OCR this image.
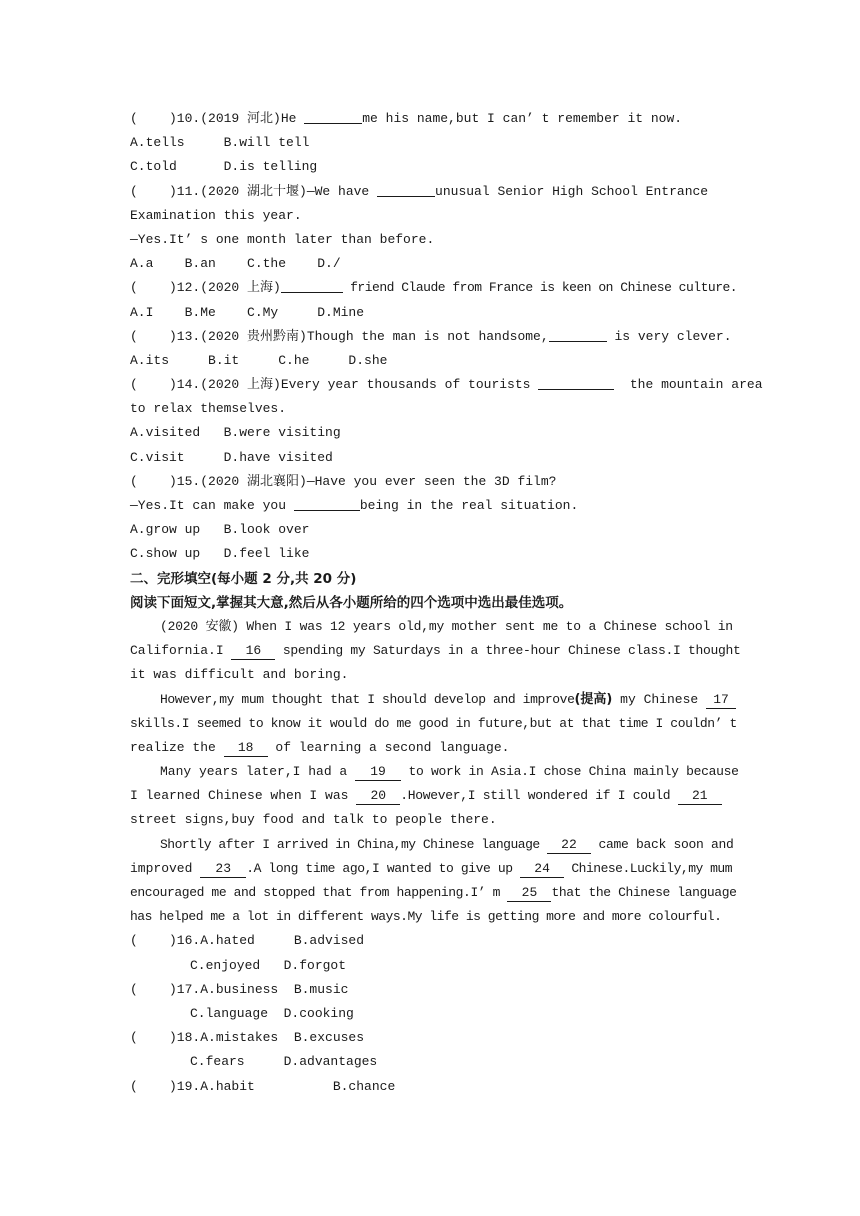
(    )10.(2019 河北)He	me his name,but I can’ t remember it now.
A.tells     B.will tell
C.told      D.is telling
(    )11.(2020 湖北十堰)—We have	unusual Senior High School Entrance
Examination this year.
—Yes.It’ s one month later than before.
A.a    B.an    C.the    D./
(    )12.(2020 上海)	friend Claude from France is keen on Chinese culture.
A.I    B.Me    C.My     D.Mine
(    )13.(2020 贵州黔南)Though the man is not handsome,	is very clever.
A.its     B.it     C.he     D.she
(    )14.(2020 上海)Every year thousands of tourists	the mountain area
to relax themselves.
A.visited   B.were visiting
C.visit     D.have visited
(    )15.(2020 湖北襄阳)—Have you ever seen the 3D film?
—Yes.It can make you	being in the real situation.
A.grow up   B.look over
C.show up   D.feel like
二、完形填空(每小题 2 分,共 20 分)
阅读下面短文,掌握其大意,然后从各小题所给的四个选项中选出最佳选项。
(2020 安徽) When I was 12 years old,my mother sent me to a Chinese school in
California.I 16 spending my Saturdays in a three-hour Chinese class.I thought
it was difficult and boring.
However,my mum thought that I should develop and improve(提高) my Chinese 17
skills.I seemed to know it would do me good in future,but at that time I couldn’ t
realize the 18 of learning a second language.
Many years later,I had a 19 to work in Asia.I chose China mainly because
I learned Chinese when I was 20 .However,I still wondered if I could 21
street signs,buy food and talk to people there.
Shortly after I arrived in China,my Chinese language 22 came back soon and
improved 23 .A long time ago,I wanted to give up 24 Chinese.Luckily,my mum
encouraged me and stopped that from happening.I’ m 25 that the Chinese language
has helped me a lot in different ways.My life is getting more and more colourful.
(    )16.A.hated     B.advised
C.enjoyed   D.forgot
(    )17.A.business  B.music
C.language  D.cooking
(    )18.A.mistakes  B.excuses
C.fears     D.advantages
(    )19.A.habit          B.chance
